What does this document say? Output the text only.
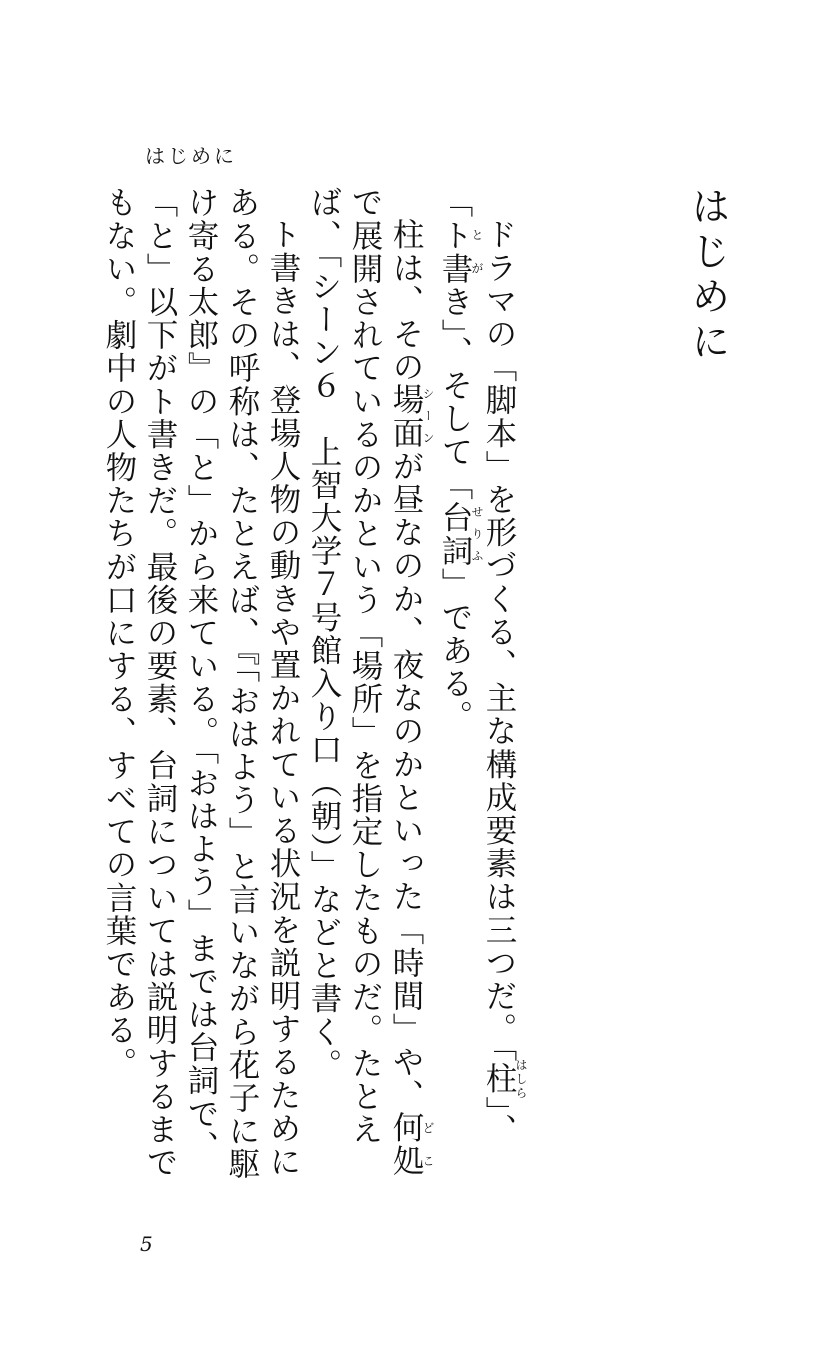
はじめに
はじめに

ドラマの「脚本」を形づくる、主な構成要素は三つだ。「柱はしら」、「ト書とがき」、そして「台詞せりふ」である。

柱は、その場面シーンが昼なのか、夜なのかといった「時間」や、何処どこで展開されているのかという「場所」を指定したものだ。たとえば、「シーン６　上智大学７号館入り口（朝）」などと書く。

ト書きは、登場人物の動きや置かれている状況を説明するためにある。その呼称は、たとえば、『「おはよう」と言いながら花子に駆け寄る太郎』の「と」から来ている。「おはよう」までは台詞で、「と」以下がト書きだ。最後の要素、台詞については説明するまでもない。劇中の人物たちが口にする、すべての言葉である。

5
